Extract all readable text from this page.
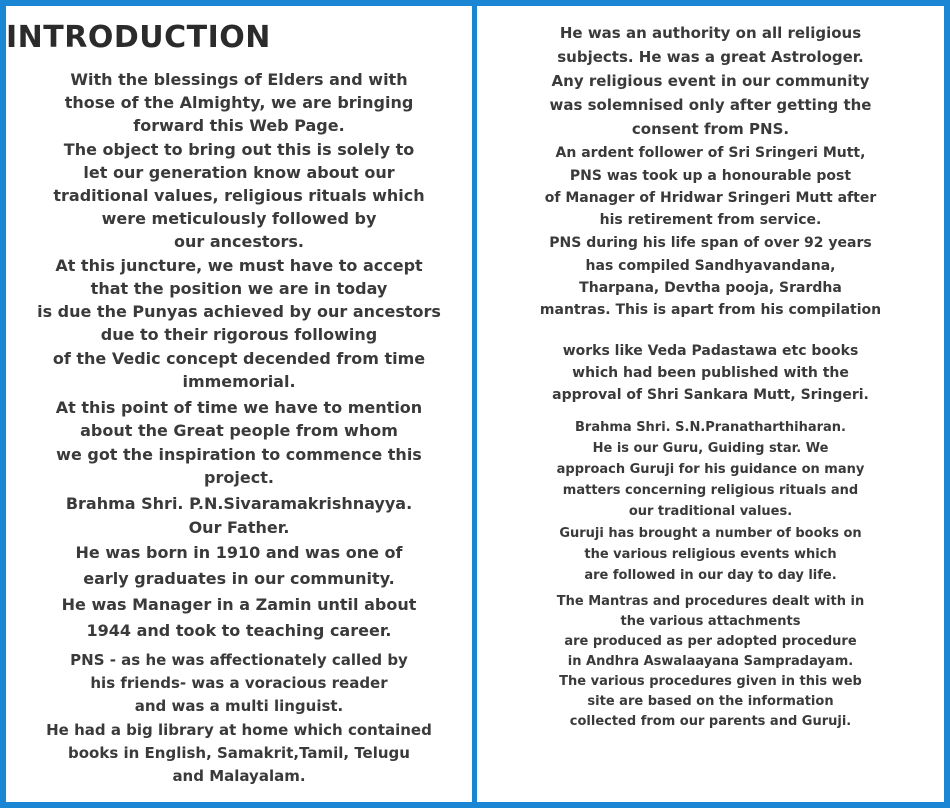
INTRODUCTION
With the blessings of Elders and with
those of the Almighty, we are bringing
forward this Web Page.
The object to bring out this is solely to
let our generation know about our
traditional values, religious rituals which
were meticulously followed by
our ancestors.
At this juncture, we must have to accept
that the position we are in today
is due the Punyas achieved by our ancestors
due to their rigorous following
of the Vedic concept decended from time
immemorial.
At this point of time we have to mention
about the Great people from whom
we got the inspiration to commence this
project.
Brahma Shri. P.N.Sivaramakrishnayya.
Our Father.
He was born in 1910 and was one of
early graduates in our community.
He was Manager in a Zamin until about
1944 and took to teaching career.
PNS - as he was affectionately called by
his friends- was a voracious reader
and was a multi linguist.
He had a big library at home which contained
books in English, Samakrit,Tamil, Telugu
and Malayalam.
He was an authority on all religious
subjects. He was a great Astrologer.
Any religious event in our community
was solemnised only after getting the
consent from PNS.
An ardent follower of Sri Sringeri Mutt,
PNS was took up a honourable post
of Manager of Hridwar Sringeri Mutt after
his retirement from service.
PNS during his life span of over 92 years
has compiled Sandhyavandana,
Tharpana, Devtha pooja, Srardha
mantras. This is apart from his compilation
works like Veda Padastawa etc books
which had been published with the
approval of Shri Sankara Mutt, Sringeri.
Brahma Shri. S.N.Pranatharthiharan.
He is our Guru, Guiding star. We
approach Guruji for his guidance on many
matters concerning religious rituals and
our traditional values.
Guruji has brought a number of books on
the various religious events which
are followed in our day to day life.
The Mantras and procedures dealt with in
the various attachments
are produced as per adopted procedure
in Andhra Aswalaayana Sampradayam.
The various procedures given in this web
site are based on the information
collected from our parents and Guruji.
